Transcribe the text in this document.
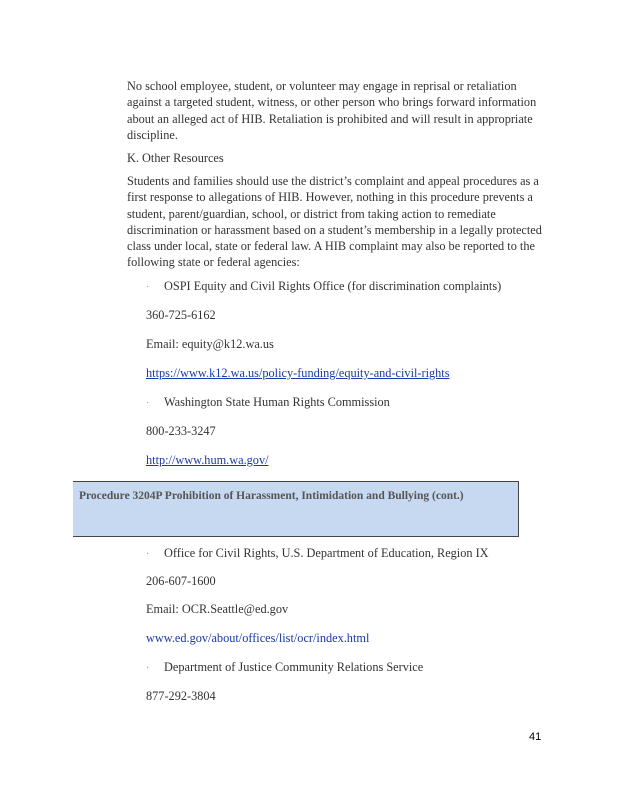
No school employee, student, or volunteer may engage in reprisal or retaliation against a targeted student, witness, or other person who brings forward information about an alleged act of HIB. Retaliation is prohibited and will result in appropriate discipline.

K. Other Resources

Students and families should use the district’s complaint and appeal procedures as a first response to allegations of HIB. However, nothing in this procedure prevents a student, parent/guardian, school, or district from taking action to remediate discrimination or harassment based on a student’s membership in a legally protected class under local, state or federal law. A HIB complaint may also be reported to the following state or federal agencies:

· OSPI Equity and Civil Rights Office (for discrimination complaints)
360-725-6162
Email: equity@k12.wa.us
https://www.k12.wa.us/policy-funding/equity-and-civil-rights
· Washington State Human Rights Commission
800-233-3247
http://www.hum.wa.gov/
Procedure 3204P Prohibition of Harassment, Intimidation and Bullying (cont.)
· Office for Civil Rights, U.S. Department of Education, Region IX
206-607-1600
Email: OCR.Seattle@ed.gov
www.ed.gov/about/offices/list/ocr/index.html
· Department of Justice Community Relations Service
877-292-3804
41
